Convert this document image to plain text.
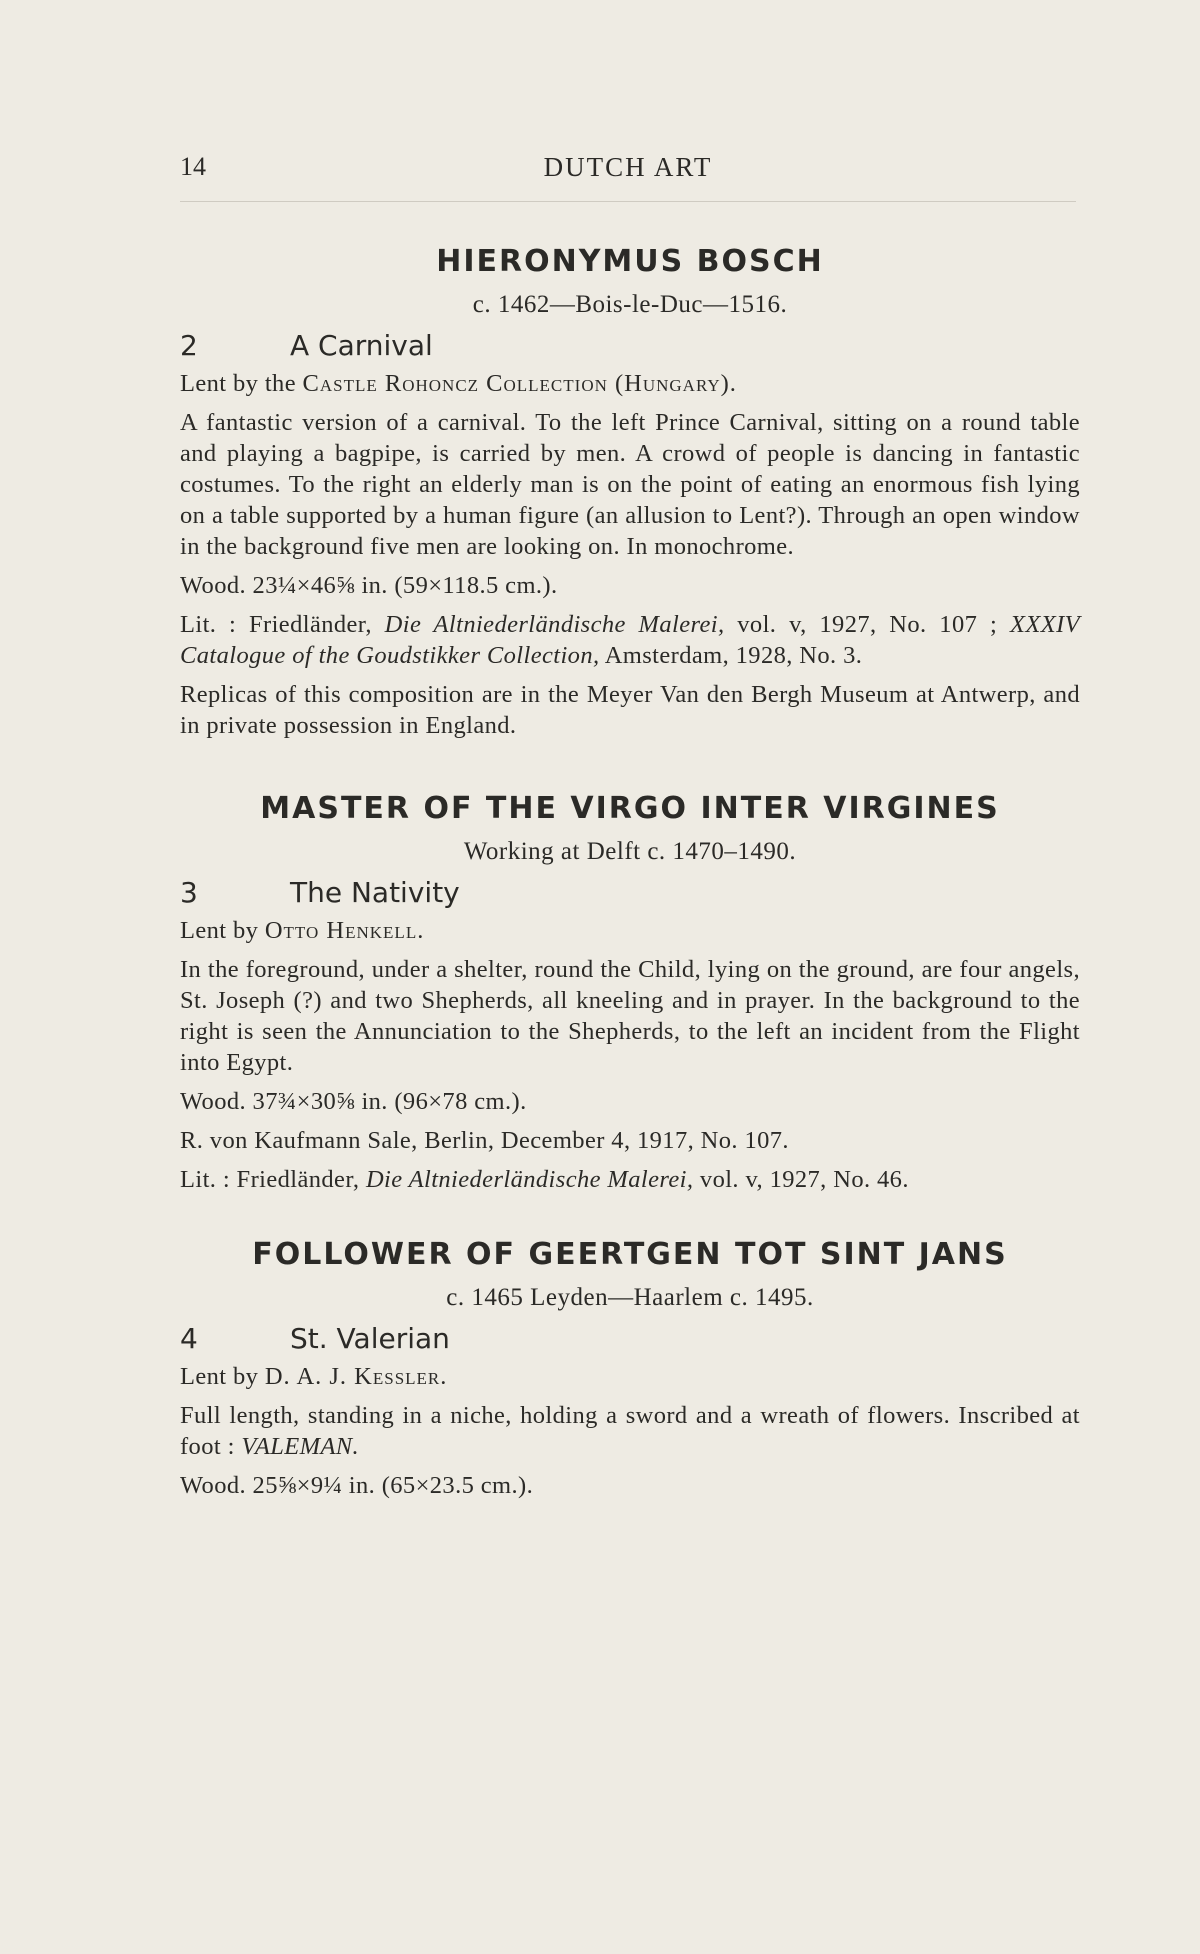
14	DUTCH ART
HIERONYMUS BOSCH

c. 1462—Bois-le-Duc—1516.

2	A Carnival

Lent by the Castle Rohoncz Collection (Hungary).

A fantastic version of a carnival. To the left Prince Carnival, sitting on a round table and playing a bagpipe, is carried by men. A crowd of people is dancing in fantastic costumes. To the right an elderly man is on the point of eating an enormous fish lying on a table supported by a human figure (an allusion to Lent?). Through an open window in the background five men are looking on. In monochrome.

Wood. 23¼×46⅝ in. (59×118.5 cm.).

Lit. : Friedländer, Die Altniederländische Malerei, vol. v, 1927, No. 107 ; XXXIV Catalogue of the Goudstikker Collection, Amsterdam, 1928, No. 3.

Replicas of this composition are in the Meyer Van den Bergh Museum at Antwerp, and in private possession in England.

MASTER OF THE VIRGO INTER VIRGINES

Working at Delft c. 1470–1490.

3	The Nativity

Lent by Otto Henkell.

In the foreground, under a shelter, round the Child, lying on the ground, are four angels, St. Joseph (?) and two Shepherds, all kneeling and in prayer. In the background to the right is seen the Annunciation to the Shepherds, to the left an incident from the Flight into Egypt.

Wood. 37¾×30⅝ in. (96×78 cm.).

R. von Kaufmann Sale, Berlin, December 4, 1917, No. 107.

Lit. : Friedländer, Die Altniederländische Malerei, vol. v, 1927, No. 46.

FOLLOWER OF GEERTGEN TOT SINT JANS

c. 1465 Leyden—Haarlem c. 1495.

4	St. Valerian

Lent by D. A. J. Kessler.

Full length, standing in a niche, holding a sword and a wreath of flowers. Inscribed at foot : VALEMAN.

Wood. 25⅝×9¼ in. (65×23.5 cm.).
